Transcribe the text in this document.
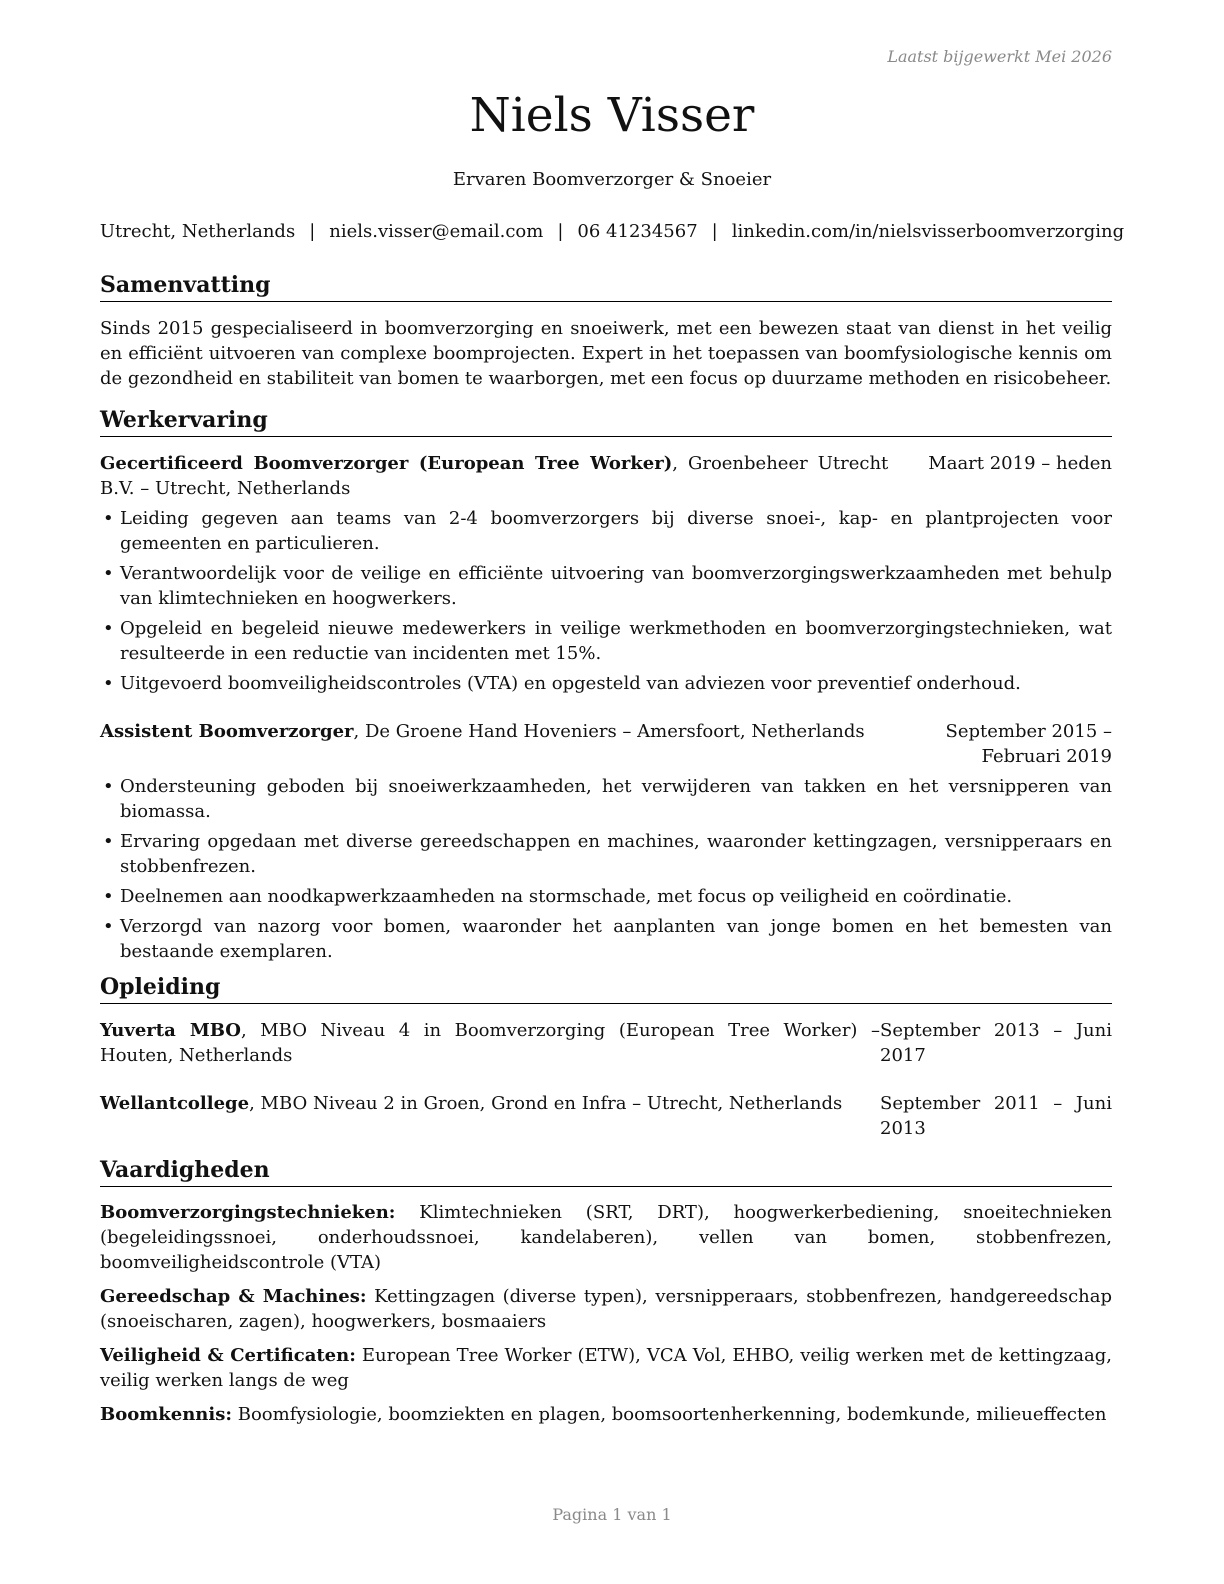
Laatst bijgewerkt Mei 2026
Niels Visser
Ervaren Boomverzorger & Snoeier
Utrecht, Netherlands | niels.visser@email.com | 06 41234567 | linkedin.com/in/nielsvisserboomverzorging
Samenvatting

Sinds 2015 gespecialiseerd in boomverzorging en snoeiwerk, met een bewezen staat van dienst in het veilig en efficiënt uitvoeren van complexe boomprojecten. Expert in het toepassen van boomfysiologische kennis om de gezondheid en stabiliteit van bomen te waarborgen, met een focus op duurzame methoden en risicobeheer.

Werkervaring
Gecertificeerd Boomverzorger (European Tree Worker), Groenbeheer Utrecht B.V. – Utrecht, Netherlands
Maart 2019 – heden
• Leiding gegeven aan teams van 2-4 boomverzorgers bij diverse snoei-, kap- en plantprojecten voor gemeenten en particulieren.
• Verantwoordelijk voor de veilige en efficiënte uitvoering van boomverzorgingswerkzaamheden met behulp van klimtechnieken en hoogwerkers.
• Opgeleid en begeleid nieuwe medewerkers in veilige werkmethoden en boomverzorgingstechnieken, wat resulteerde in een reductie van incidenten met 15%.
• Uitgevoerd boomveiligheidscontroles (VTA) en opgesteld van adviezen voor preventief onderhoud.
Assistent Boomverzorger, De Groene Hand Hoveniers – Amersfoort, Netherlands	September 2015 – Februari 2019
• Ondersteuning geboden bij snoeiwerkzaamheden, het verwijderen van takken en het versnipperen van biomassa.
• Ervaring opgedaan met diverse gereedschappen en machines, waaronder kettingzagen, versnipperaars en stobbenfrezen.
• Deelnemen aan noodkapwerkzaamheden na stormschade, met focus op veiligheid en coördinatie.
• Verzorgd van nazorg voor bomen, waaronder het aanplanten van jonge bomen en het bemesten van bestaande exemplaren.
Opleiding
Yuverta MBO, MBO Niveau 4 in Boomverzorging (European Tree Worker) – Houten, Netherlands
September 2013 – Juni 2017
Wellantcollege, MBO Niveau 2 in Groen, Grond en Infra – Utrecht, Netherlands	September 2011 – Juni 2013
Vaardigheden

Boomverzorgingstechnieken: Klimtechnieken (SRT, DRT), hoogwerkerbediening, snoeitechnieken (begeleidingssnoei, onderhoudssnoei, kandelaberen), vellen van bomen, stobbenfrezen, boomveiligheidscontrole (VTA)

Gereedschap & Machines: Kettingzagen (diverse typen), versnipperaars, stobbenfrezen, handgereedschap (snoeischaren, zagen), hoogwerkers, bosmaaiers

Veiligheid & Certificaten: European Tree Worker (ETW), VCA Vol, EHBO, veilig werken met de kettingzaag, veilig werken langs de weg

Boomkennis: Boomfysiologie, boomziekten en plagen, boomsoortenherkenning, bodemkunde, milieueffecten

Pagina 1 van 1
